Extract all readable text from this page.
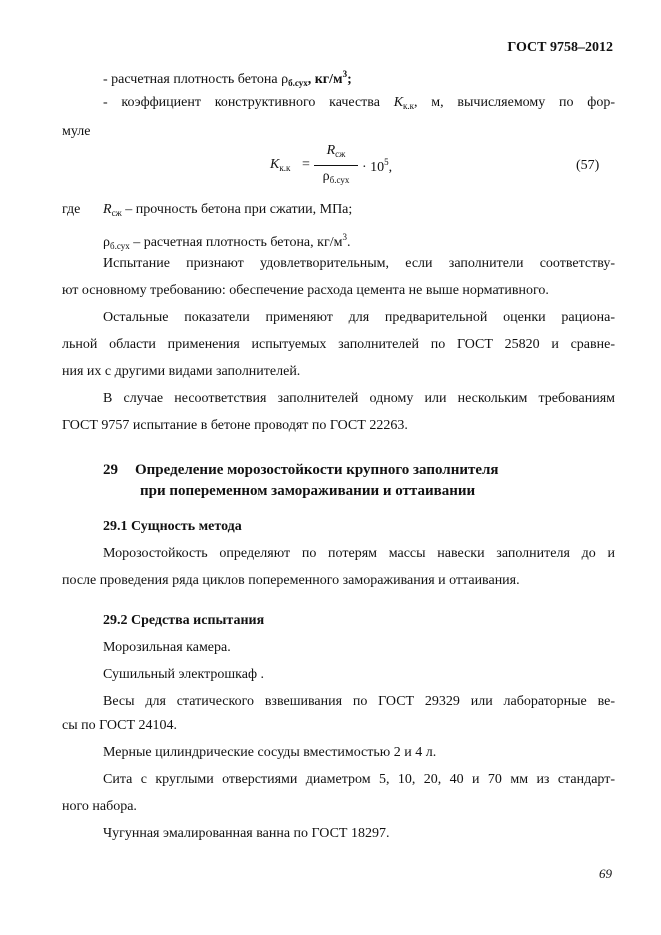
ГОСТ 9758–2012
- расчетная плотность бетона $\rho_{б.сух}$, $кг/м^3$;
- коэффициент конструктивного качества $K_{к.к}$, м, вычисляемому по фор-
муле
$K_{к.к}$ =
$R_{сж}$
$\rho_{б.сух}$
· $10^5$,	(57)
где $R_{сж}$ – прочность бетона при сжатии, МПа;
$\rho_{б.сух}$ – расчетная плотность бетона, $кг/м^3$.
Испытание признают удовлетворительным, если заполнители соответству-
ют основному требованию: обеспечение расхода цемента не выше нормативного.
Остальные показатели применяют для предварительной оценки рациона-
льной области применения испытуемых заполнителей по ГОСТ 25820 и сравне-
ния их с другими видами заполнителей.
В случае несоответствия заполнителей одному или нескольким требованиям
ГОСТ 9757 испытание в бетоне проводят по ГОСТ 22263.
29 Определение морозостойкости крупного заполнителя
при попеременном замораживании и оттаивании
29.1 Сущность метода
Морозостойкость определяют по потерям массы навески заполнителя до и
после проведения ряда циклов попеременного замораживания и оттаивания.
29.2 Средства испытания
Морозильная камера.
Сушильный электрошкаф .
Весы для статического взвешивания по ГОСТ 29329 или лабораторные ве-
сы по ГОСТ 24104.
Мерные цилиндрические сосуды вместимостью 2 и 4 л.
Сита с круглыми отверстиями диаметром 5, 10, 20, 40 и 70 мм из стандарт-
ного набора.
Чугунная эмалированная ванна по ГОСТ 18297.
69
